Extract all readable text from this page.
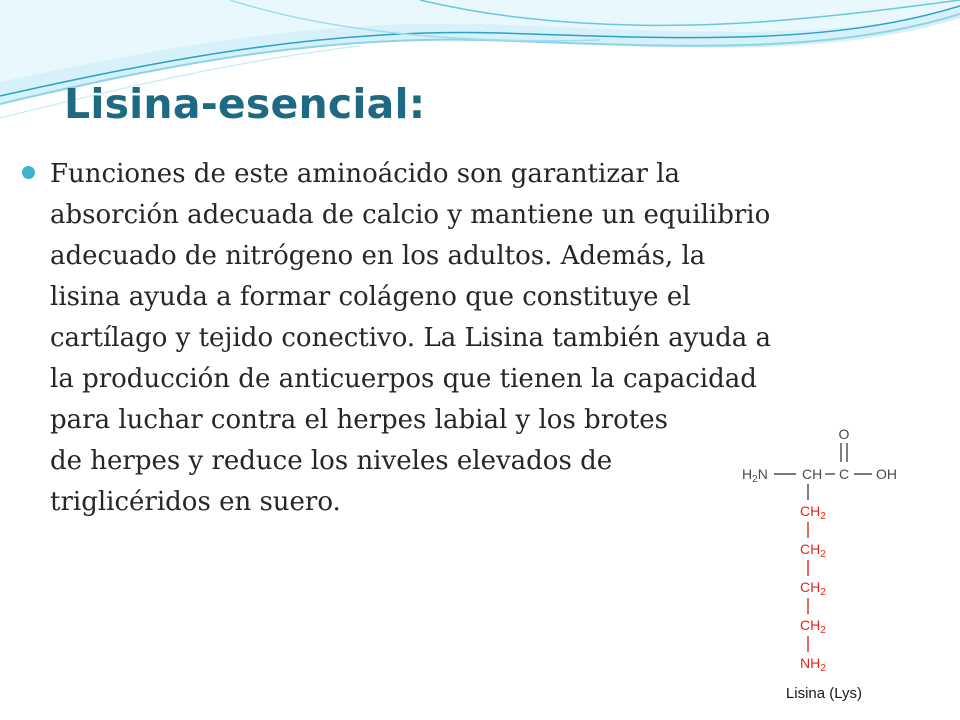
Lisina-esencial:

Funciones de este aminoácido son garantizar la
absorción adecuada de calcio y mantiene un equilibrio
adecuado de nitrógeno en los adultos. Además, la
lisina ayuda a formar colágeno que constituye el
cartílago y tejido conectivo. La Lisina también ayuda a
la producción de anticuerpos que tienen la capacidad
para luchar contra el herpes labial y los brotes
de herpes y reduce los niveles elevados de
triglicéridos en suero.

O
$H_2N$ CH C OH
$CH_2$
$CH_2$
$CH_2$
$CH_2$
$NH_2$
Lisina (Lys)
